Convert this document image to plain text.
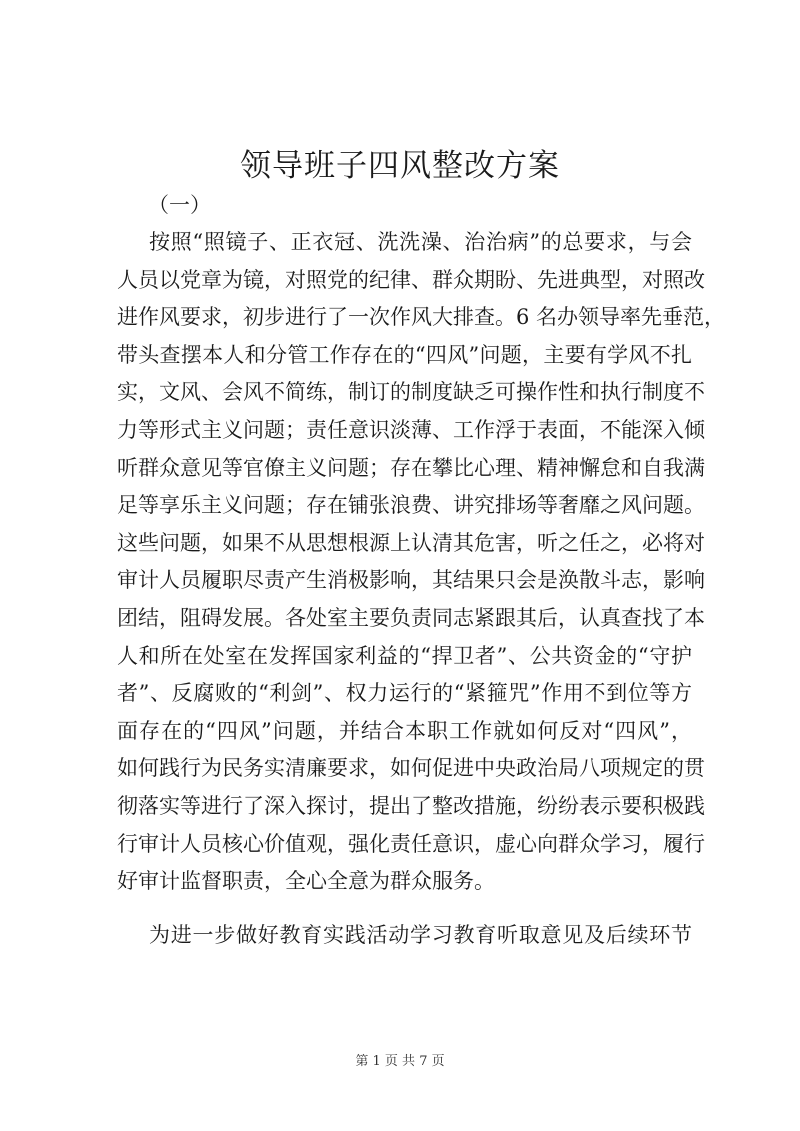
领导班子四风整改方案

（一）

按照“照镜子、正衣冠、洗洗澡、治治病”的总要求，与会
人员以党章为镜，对照党的纪律、群众期盼、先进典型，对照改
进作风要求，初步进行了一次作风大排查。6 名办领导率先垂范，
带头查摆本人和分管工作存在的“四风”问题，主要有学风不扎
实，文风、会风不简练，制订的制度缺乏可操作性和执行制度不
力等形式主义问题；责任意识淡薄、工作浮于表面，不能深入倾
听群众意见等官僚主义问题；存在攀比心理、精神懈怠和自我满
足等享乐主义问题；存在铺张浪费、讲究排场等奢靡之风问题。
这些问题，如果不从思想根源上认清其危害，听之任之，必将对
审计人员履职尽责产生消极影响，其结果只会是涣散斗志，影响
团结，阻碍发展。各处室主要负责同志紧跟其后，认真查找了本
人和所在处室在发挥国家利益的“捍卫者”、公共资金的“守护
者”、反腐败的“利剑”、权力运行的“紧箍咒”作用不到位等方
面存在的“四风”问题，并结合本职工作就如何反对“四风”，
如何践行为民务实清廉要求，如何促进中央政治局八项规定的贯
彻落实等进行了深入探讨，提出了整改措施，纷纷表示要积极践
行审计人员核心价值观，强化责任意识，虚心向群众学习，履行
好审计监督职责，全心全意为群众服务。
为进一步做好教育实践活动学习教育听取意见及后续环节
第 1 页 共 7 页
